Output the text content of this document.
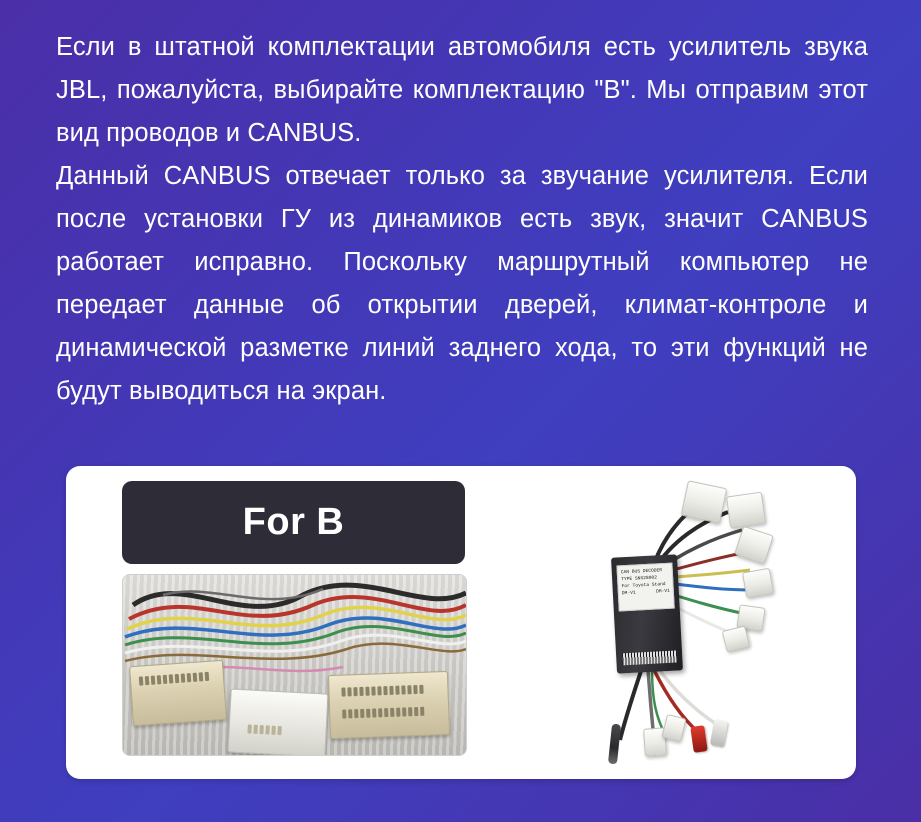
Если в штатной комплектации автомобиля есть усилитель звука JBL, пожалуйста, выбирайте комплектацию "B". Мы отправим этот вид проводов и CANBUS.

Данный CANBUS отвечает только за звучание усилителя. Если после установки ГУ из динамиков есть звук, значит CANBUS работает исправно. Поскольку маршрутный компьютер не передает данные об открытии дверей, климат-контроле и динамической разметке линий заднего хода, то эти функций не будут выводиться на экран.

For B
CAN BUS DECODER
TYPE SNS28002
For Toyota Stand
DM-V1	DM-V1
